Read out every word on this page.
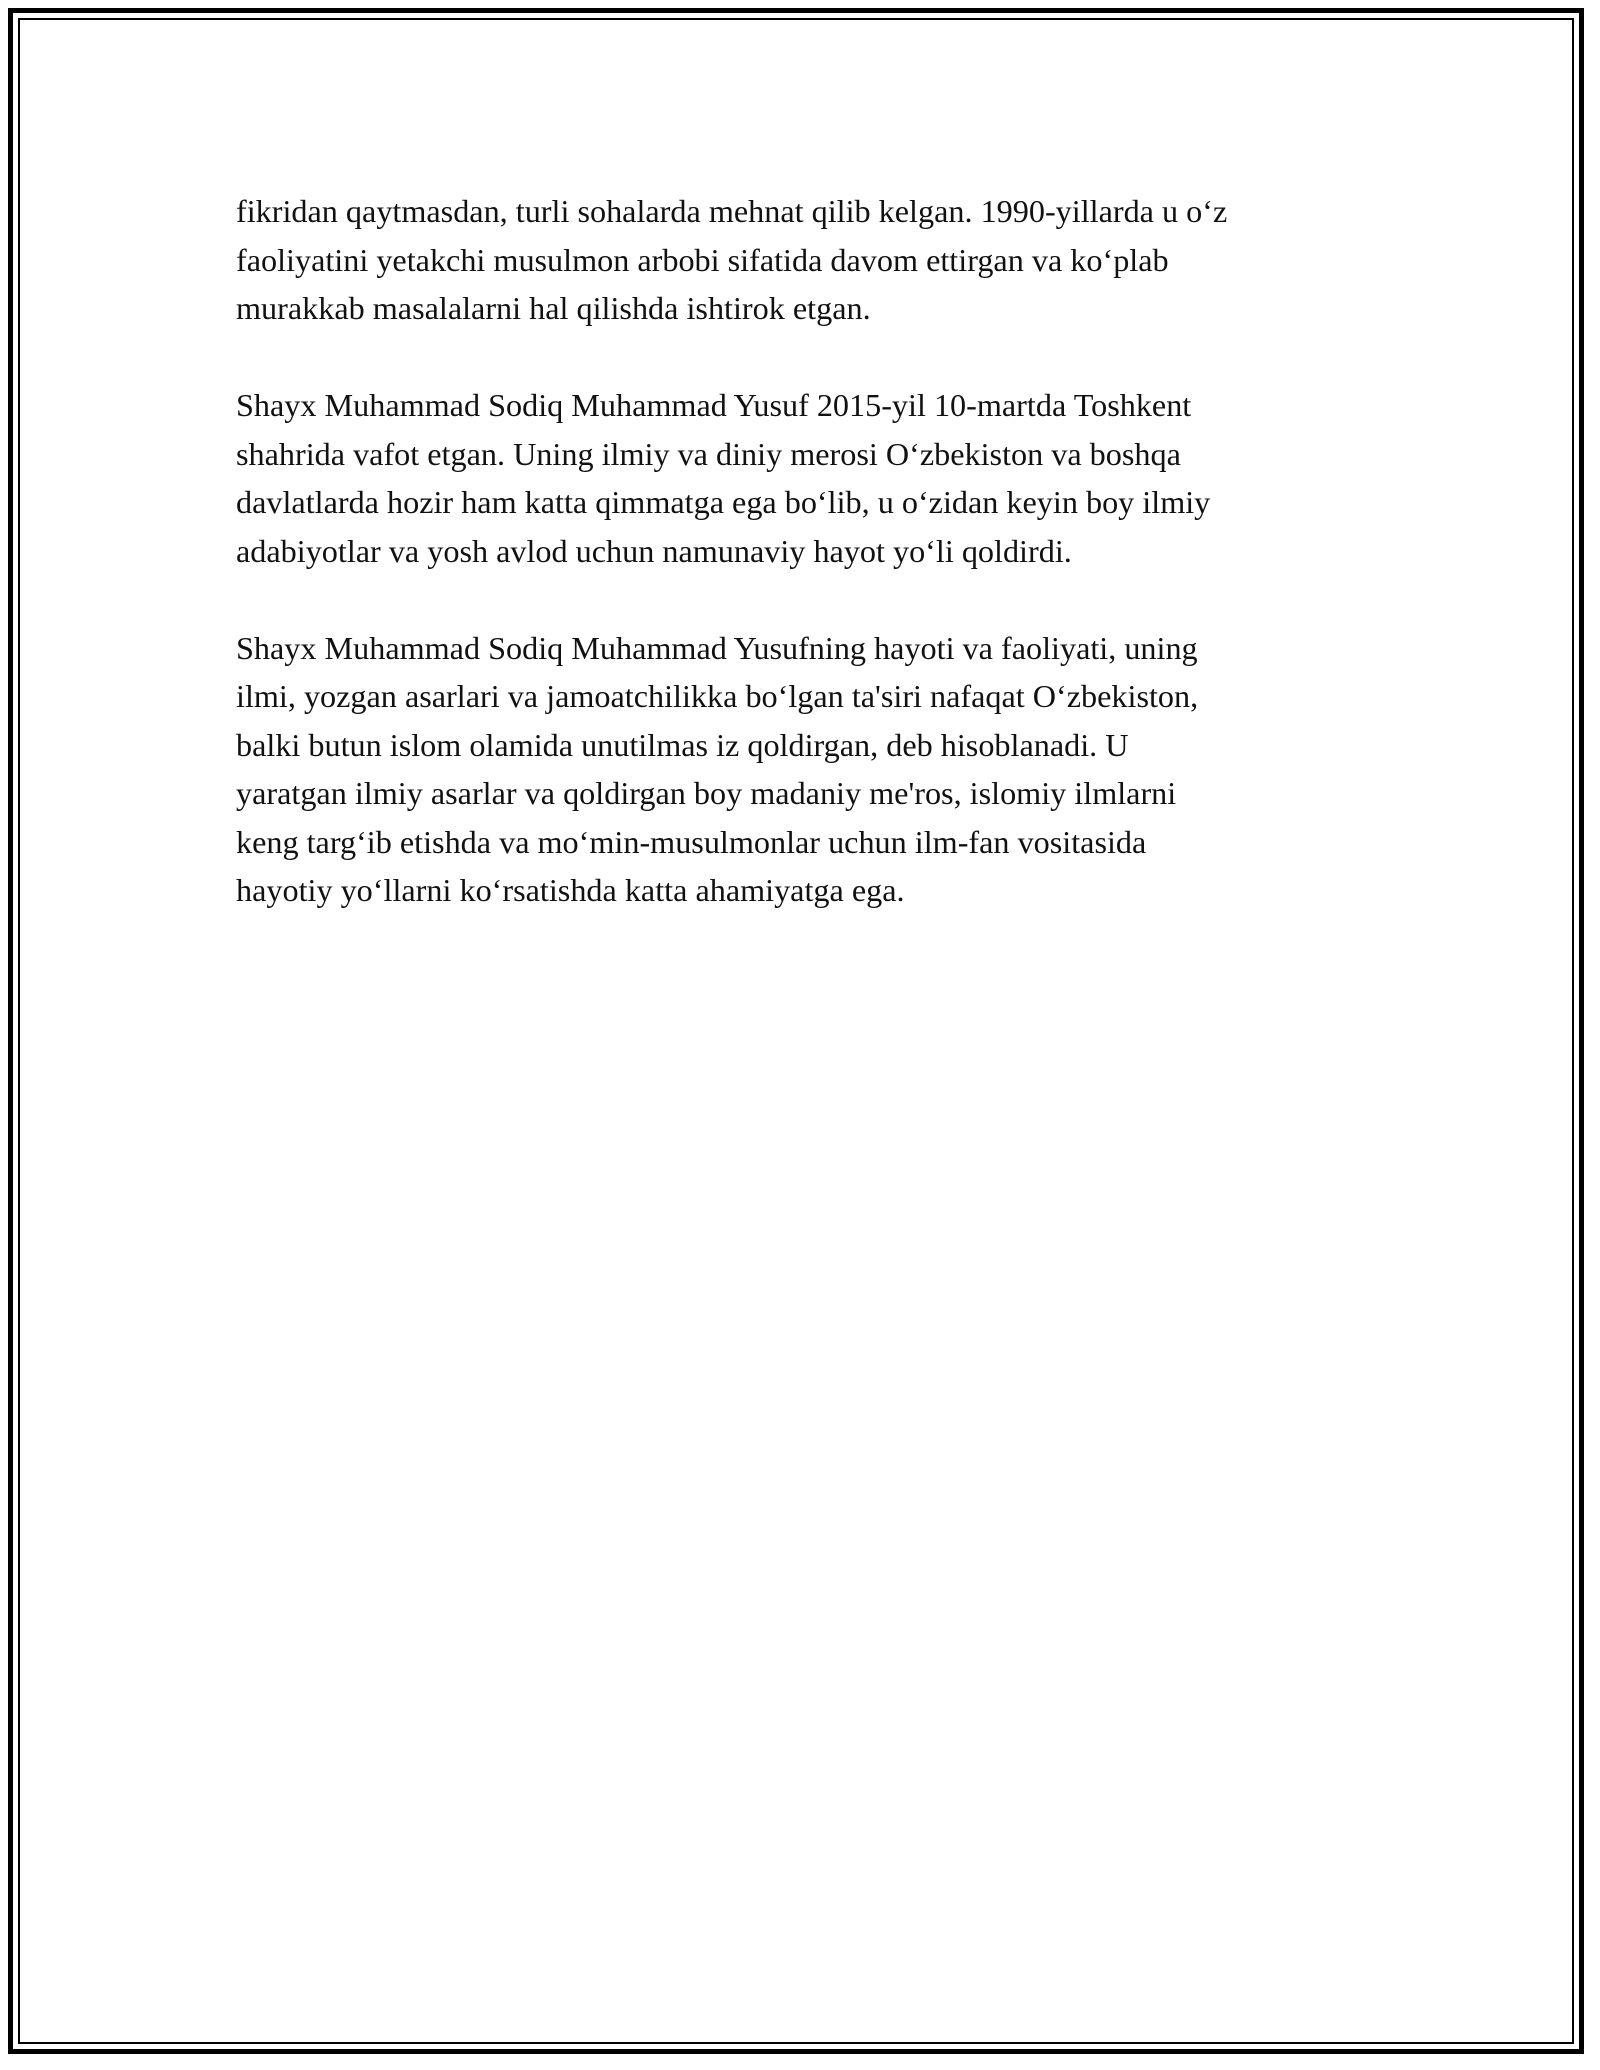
fikridan qaytmasdan, turli sohalarda mehnat qilib kelgan. 1990-yillarda u o‘z
faoliyatini yetakchi musulmon arbobi sifatida davom ettirgan va ko‘plab
murakkab masalalarni hal qilishda ishtirok etgan.

Shayx Muhammad Sodiq Muhammad Yusuf 2015-yil 10-martda Toshkent
shahrida vafot etgan. Uning ilmiy va diniy merosi O‘zbekiston va boshqa
davlatlarda hozir ham katta qimmatga ega bo‘lib, u o‘zidan keyin boy ilmiy
adabiyotlar va yosh avlod uchun namunaviy hayot yo‘li qoldirdi.

Shayx Muhammad Sodiq Muhammad Yusufning hayoti va faoliyati, uning
ilmi, yozgan asarlari va jamoatchilikka bo‘lgan ta'siri nafaqat O‘zbekiston,
balki butun islom olamida unutilmas iz qoldirgan, deb hisoblanadi. U
yaratgan ilmiy asarlar va qoldirgan boy madaniy me'ros, islomiy ilmlarni
keng targ‘ib etishda va mo‘min-musulmonlar uchun ilm-fan vositasida
hayotiy yo‘llarni ko‘rsatishda katta ahamiyatga ega.
